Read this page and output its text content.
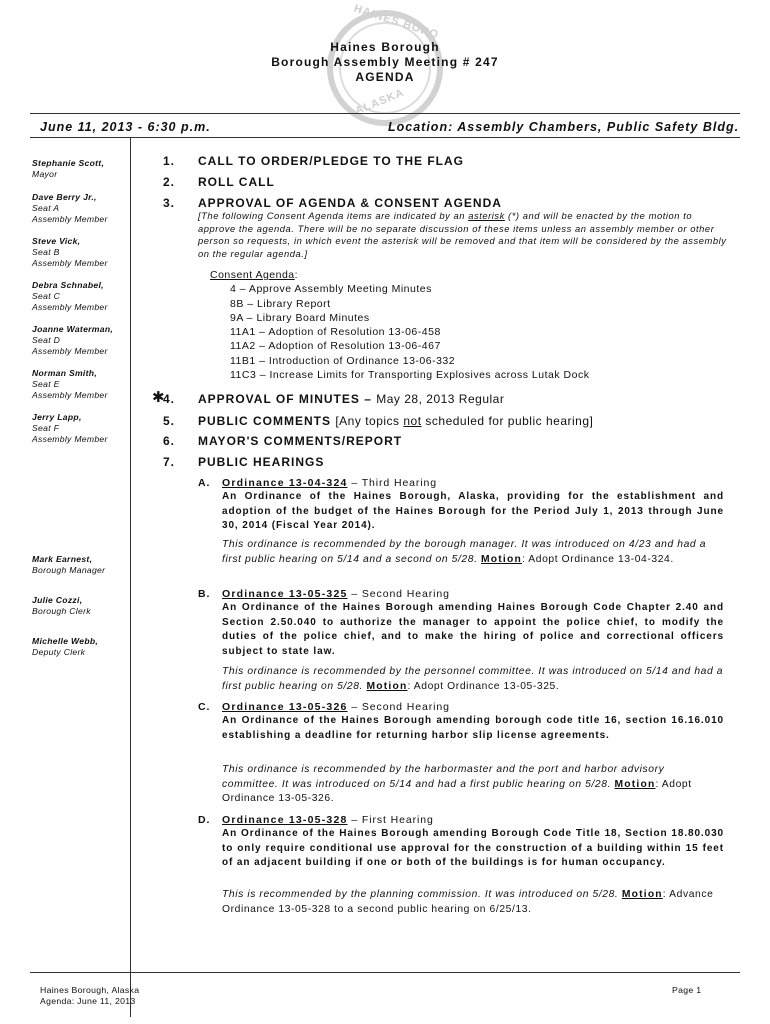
HAINES BORO
ALASKA
Haines Borough
Borough Assembly Meeting # 247
AGENDA
June 11, 2013 - 6:30 p.m.	Location: Assembly Chambers, Public Safety Bldg.
Stephanie Scott,
Mayor
Dave Berry Jr.,
Seat A
Assembly Member
Steve Vick,
Seat B
Assembly Member
Debra Schnabel,
Seat C
Assembly Member
Joanne Waterman,
Seat D
Assembly Member
Norman Smith,
Seat E
Assembly Member
Jerry Lapp,
Seat F
Assembly Member
Mark Earnest,
Borough Manager
Julie Cozzi,
Borough Clerk
Michelle Webb,
Deputy Clerk
1. CALL TO ORDER/PLEDGE TO THE FLAG
2. ROLL CALL
3. APPROVAL OF AGENDA & CONSENT AGENDA
[The following Consent Agenda items are indicated by an asterisk (*) and will be enacted by the motion to approve the agenda. There will be no separate discussion of these items unless an assembly member or other person so requests, in which event the asterisk will be removed and that item will be considered by the assembly on the regular agenda.]
Consent Agenda:
4 – Approve Assembly Meeting Minutes
8B – Library Report
9A – Library Board Minutes
11A1 – Adoption of Resolution 13-06-458
11A2 – Adoption of Resolution 13-06-467
11B1 – Introduction of Ordinance 13-06-332
11C3 – Increase Limits for Transporting Explosives across Lutak Dock
✱
4. APPROVAL OF MINUTES – May 28, 2013 Regular
5. PUBLIC COMMENTS [Any topics not scheduled for public hearing]
6. MAYOR'S COMMENTS/REPORT
7. PUBLIC HEARINGS
A. Ordinance 13-04-324 – Third Hearing
An Ordinance of the Haines Borough, Alaska, providing for the establishment and adoption of the budget of the Haines Borough for the Period July 1, 2013 through June 30, 2014 (Fiscal Year 2014).
This ordinance is recommended by the borough manager. It was introduced on 4/23 and had a first public hearing on 5/14 and a second on 5/28. Motion: Adopt Ordinance 13-04-324.
B. Ordinance 13-05-325 – Second Hearing
An Ordinance of the Haines Borough amending Haines Borough Code Chapter 2.40 and Section 2.50.040 to authorize the manager to appoint the police chief, to modify the duties of the police chief, and to make the hiring of police and correctional officers subject to state law.
This ordinance is recommended by the personnel committee. It was introduced on 5/14 and had a first public hearing on 5/28. Motion: Adopt Ordinance 13-05-325.
C. Ordinance 13-05-326 – Second Hearing
An Ordinance of the Haines Borough amending borough code title 16, section 16.16.010 establishing a deadline for returning harbor slip license agreements.
This ordinance is recommended by the harbormaster and the port and harbor advisory committee. It was introduced on 5/14 and had a first public hearing on 5/28. Motion: Adopt Ordinance 13-05-326.
D. Ordinance 13-05-328 – First Hearing
An Ordinance of the Haines Borough amending Borough Code Title 18, Section 18.80.030 to only require conditional use approval for the construction of a building within 15 feet of an adjacent building if one or both of the buildings is for human occupancy.
This is recommended by the planning commission. It was introduced on 5/28. Motion: Advance Ordinance 13-05-328 to a second public hearing on 6/25/13.
Haines Borough, Alaska
Agenda: June 11, 2013
Page 1
